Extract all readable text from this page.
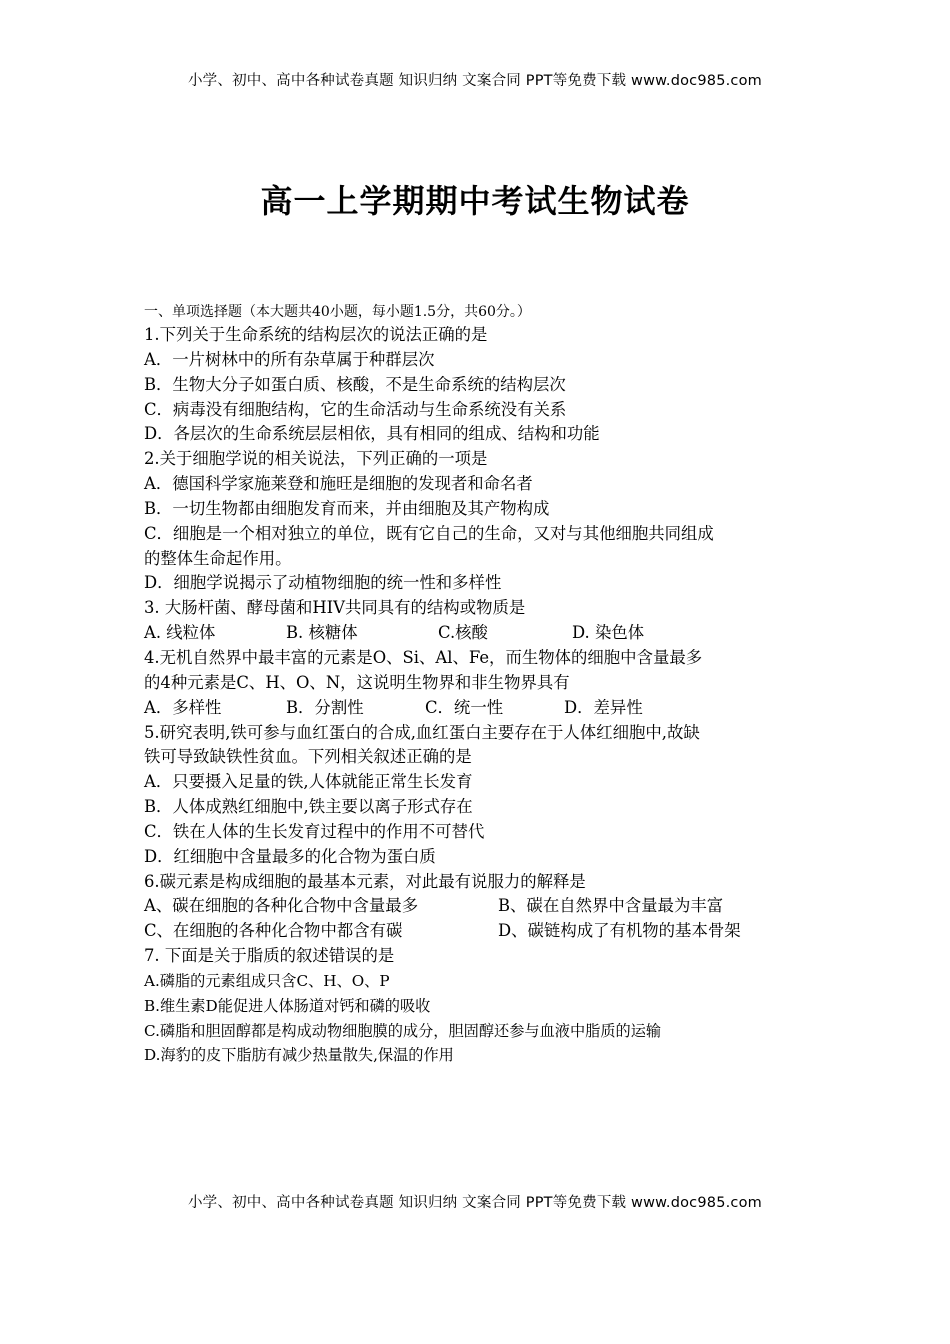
小学、初中、高中各种试卷真题 知识归纳 文案合同 PPT等免费下载 www.doc985.com
高一上学期期中考试生物试卷
一、单项选择题（本大题共40小题，每小题1.5分，共60分。）
1.下列关于生命系统的结构层次的说法正确的是
A．一片树林中的所有杂草属于种群层次
B．生物大分子如蛋白质、核酸，不是生命系统的结构层次
C．病毒没有细胞结构，它的生命活动与生命系统没有关系
D．各层次的生命系统层层相依，具有相同的组成、结构和功能
2.关于细胞学说的相关说法，下列正确的一项是
A．德国科学家施莱登和施旺是细胞的发现者和命名者
B．一切生物都由细胞发育而来，并由细胞及其产物构成
C．细胞是一个相对独立的单位，既有它自己的生命，又对与其他细胞共同组成
的整体生命起作用。
D．细胞学说揭示了动植物细胞的统一性和多样性
3. 大肠杆菌、酵母菌和HIV共同具有的结构或物质是
A. 线粒体	B. 核糖体	C.核酸	D. 染色体
4.无机自然界中最丰富的元素是O、Si、Al、Fe，而生物体的细胞中含量最多
的4种元素是C、H、O、N，这说明生物界和非生物界具有
A．多样性	B．分割性	C．统一性	D．差异性
5.研究表明,铁可参与血红蛋白的合成,血红蛋白主要存在于人体红细胞中,故缺
铁可导致缺铁性贫血。下列相关叙述正确的是
A．只要摄入足量的铁,人体就能正常生长发育
B．人体成熟红细胞中,铁主要以离子形式存在
C．铁在人体的生长发育过程中的作用不可替代
D．红细胞中含量最多的化合物为蛋白质
6.碳元素是构成细胞的最基本元素，对此最有说服力的解释是
A、碳在细胞的各种化合物中含量最多	B、碳在自然界中含量最为丰富
C、在细胞的各种化合物中都含有碳	D、碳链构成了有机物的基本骨架
7. 下面是关于脂质的叙述错误的是
A.磷脂的元素组成只含C、H、O、P
B.维生素D能促进人体肠道对钙和磷的吸收
C.磷脂和胆固醇都是构成动物细胞膜的成分，胆固醇还参与血液中脂质的运输
D.海豹的皮下脂肪有减少热量散失,保温的作用
小学、初中、高中各种试卷真题 知识归纳 文案合同 PPT等免费下载 www.doc985.com
